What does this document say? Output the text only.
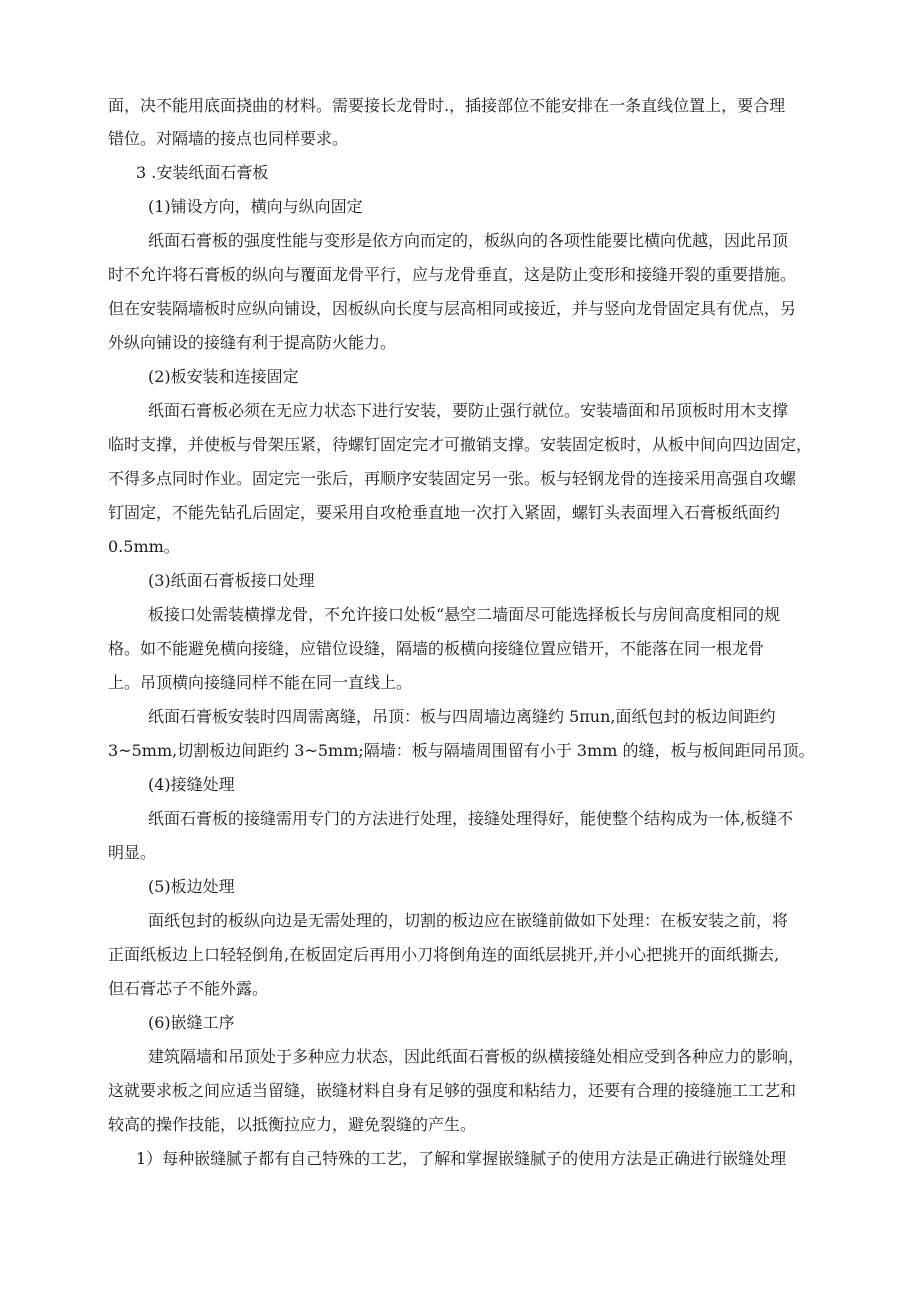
面，决不能用底面挠曲的材料。需要接长龙骨时.，插接部位不能安排在一条直线位置上，要合理
错位。对隔墙的接点也同样要求。
3 .安装纸面石膏板
(1)铺设方向，横向与纵向固定
纸面石膏板的强度性能与变形是依方向而定的，板纵向的各项性能要比横向优越，因此吊顶
时不允许将石膏板的纵向与覆面龙骨平行，应与龙骨垂直，这是防止变形和接缝开裂的重要措施。
但在安装隔墙板时应纵向铺设，因板纵向长度与层高相同或接近，并与竖向龙骨固定具有优点，另
外纵向铺设的接缝有利于提高防火能力。
(2)板安装和连接固定
纸面石膏板必须在无应力状态下进行安装，要防止强行就位。安装墙面和吊顶板时用木支撑
临时支撑，并使板与骨架压紧，待螺钉固定完才可撤销支撑。安装固定板时，从板中间向四边固定，
不得多点同时作业。固定完一张后，再顺序安装固定另一张。板与轻钢龙骨的连接采用高强自攻螺
钉固定，不能先钻孔后固定，要采用自攻枪垂直地一次打入紧固，螺钉头表面埋入石膏板纸面约
0.5mm。
(3)纸面石膏板接口处理
板接口处需装横撑龙骨，不允许接口处板“悬空二墙面尽可能选择板长与房间高度相同的规
格。如不能避免横向接缝，应错位设缝，隔墙的板横向接缝位置应错开，不能落在同一根龙骨
上。吊顶横向接缝同样不能在同一直线上。
纸面石膏板安装时四周需离缝，吊顶：板与四周墙边离缝约 5πun,面纸包封的板边间距约
3~5mm,切割板边间距约 3~5mm;隔墙：板与隔墙周围留有小于 3mm 的缝，板与板间距同吊顶。
(4)接缝处理
纸面石膏板的接缝需用专门的方法进行处理，接缝处理得好，能使整个结构成为一体,板缝不
明显。
(5)板边处理
面纸包封的板纵向边是无需处理的，切割的板边应在嵌缝前做如下处理：在板安装之前，将
正面纸板边上口轻轻倒角,在板固定后再用小刀将倒角连的面纸层挑开,并小心把挑开的面纸撕去,
但石膏芯子不能外露。
(6)嵌缝工序
建筑隔墙和吊顶处于多种应力状态，因此纸面石膏板的纵横接缝处相应受到各种应力的影响，
这就要求板之间应适当留缝，嵌缝材料自身有足够的强度和粘结力，还要有合理的接缝施工工艺和
较高的操作技能，以抵衡拉应力，避免裂缝的产生。
1）每种嵌缝腻子都有自己特殊的工艺，了解和掌握嵌缝腻子的使用方法是正确进行嵌缝处理
